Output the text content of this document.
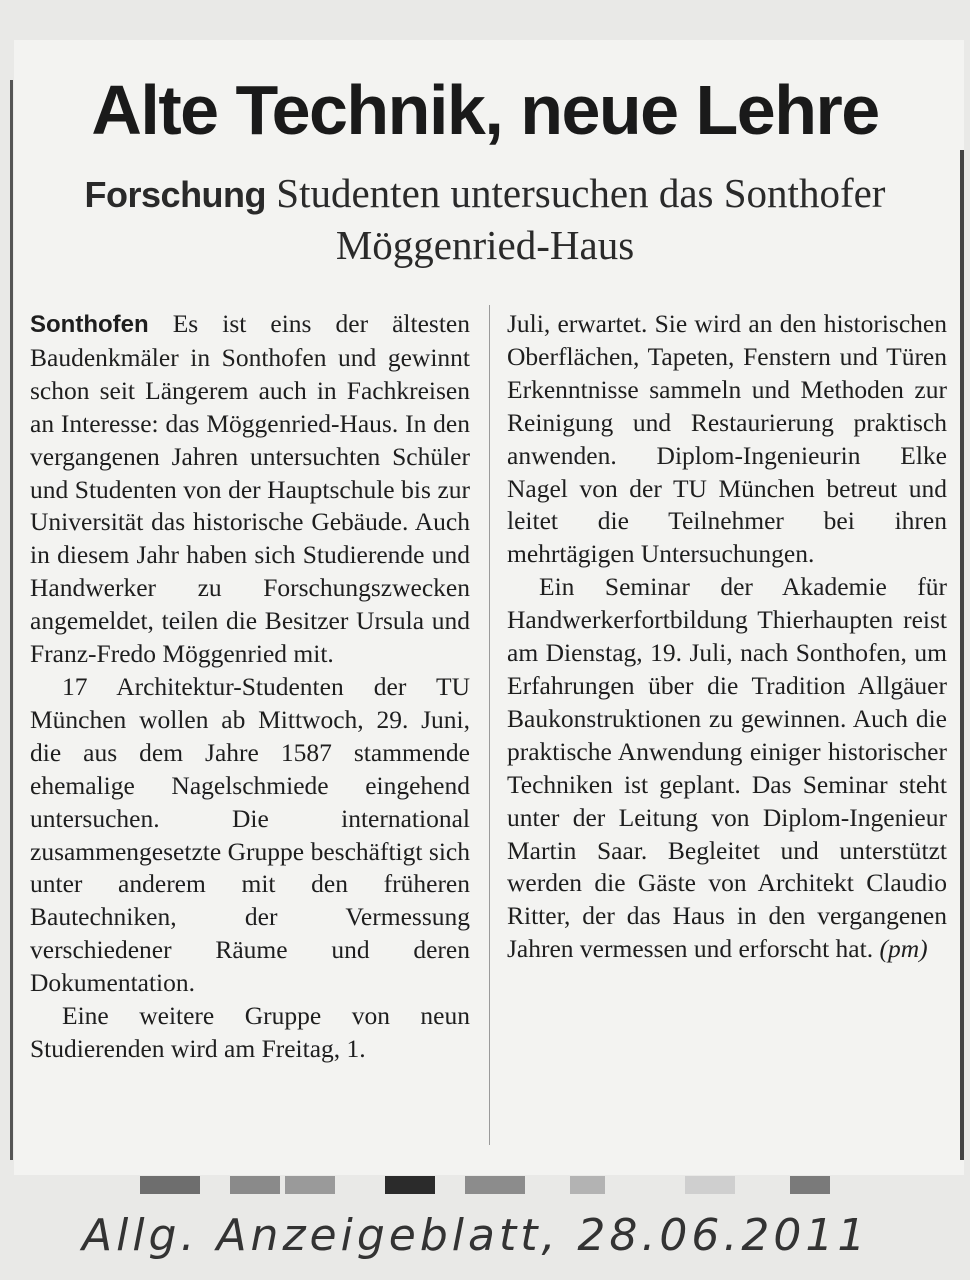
Alte Technik, neue Lehre
Forschung Studenten untersuchen das Sonthofer Möggenried-Haus

Sonthofen Es ist eins der ältesten Baudenkmäler in Sonthofen und gewinnt schon seit Längerem auch in Fachkreisen an Interesse: das Möggenried-Haus. In den vergangenen Jahren untersuchten Schüler und Studenten von der Hauptschule bis zur Universität das historische Gebäude. Auch in diesem Jahr haben sich Studierende und Handwerker zu Forschungszwecken angemeldet, teilen die Besitzer Ursula und Franz-Fredo Möggenried mit.

17 Architektur-Studenten der TU München wollen ab Mittwoch, 29. Juni, die aus dem Jahre 1587 stammende ehemalige Nagelschmiede eingehend untersuchen. Die international zusammengesetzte Gruppe beschäftigt sich unter anderem mit den früheren Bautechniken, der Vermessung verschiedener Räume und deren Dokumentation.

Eine weitere Gruppe von neun Studierenden wird am Freitag, 1.

Juli, erwartet. Sie wird an den historischen Oberflächen, Tapeten, Fenstern und Türen Erkenntnisse sammeln und Methoden zur Reinigung und Restaurierung praktisch anwenden. Diplom-Ingenieurin Elke Nagel von der TU München betreut und leitet die Teilnehmer bei ihren mehrtägigen Untersuchungen.

Ein Seminar der Akademie für Handwerkerfortbildung Thierhaupten reist am Dienstag, 19. Juli, nach Sonthofen, um Erfahrungen über die Tradition Allgäuer Baukonstruktionen zu gewinnen. Auch die praktische Anwendung einiger historischer Techniken ist geplant. Das Seminar steht unter der Leitung von Diplom-Ingenieur Martin Saar. Begleitet und unterstützt werden die Gäste von Architekt Claudio Ritter, der das Haus in den vergangenen Jahren vermessen und erforscht hat. (pm)

Allg. Anzeigeblatt, 28.06.2011
